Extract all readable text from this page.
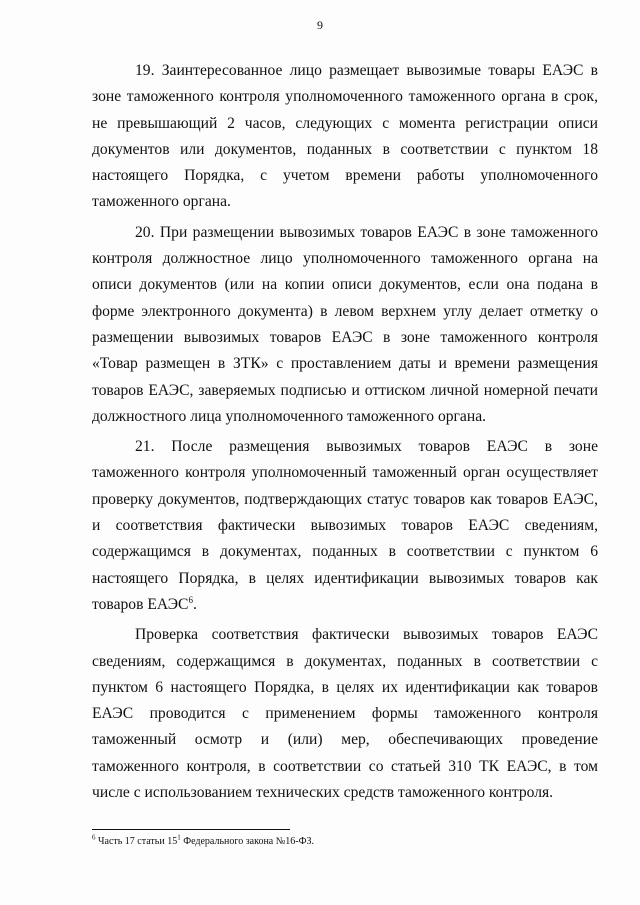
9

19. Заинтересованное лицо размещает вывозимые товары ЕАЭС в зоне таможенного контроля уполномоченного таможенного органа в срок, не превышающий 2 часов, следующих с момента регистрации описи документов или документов, поданных в соответствии с пунктом 18 настоящего Порядка, с учетом времени работы уполномоченного таможенного органа.

20. При размещении вывозимых товаров ЕАЭС в зоне таможенного контроля должностное лицо уполномоченного таможенного органа на описи документов (или на копии описи документов, если она подана в форме электронного документа) в левом верхнем углу делает отметку о размещении вывозимых товаров ЕАЭС в зоне таможенного контроля «Товар размещен в ЗТК» с проставлением даты и времени размещения товаров ЕАЭС, заверяемых подписью и оттиском личной номерной печати должностного лица уполномоченного таможенного органа.

21. После размещения вывозимых товаров ЕАЭС в зоне таможенного контроля уполномоченный таможенный орган осуществляет проверку документов, подтверждающих статус товаров как товаров ЕАЭС, и соответствия фактически вывозимых товаров ЕАЭС сведениям, содержащимся в документах, поданных в соответствии с пунктом 6 настоящего Порядка, в целях идентификации вывозимых товаров как товаров ЕАЭС$^6$.

Проверка соответствия фактически вывозимых товаров ЕАЭС сведениям, содержащимся в документах, поданных в соответствии с пунктом 6 настоящего Порядка, в целях их идентификации как товаров ЕАЭС проводится с применением формы таможенного контроля таможенный осмотр и (или) мер, обеспечивающих проведение таможенного контроля, в соответствии со статьей 310 ТК ЕАЭС, в том числе с использованием технических средств таможенного контроля.

$^6$ Часть 17 статьи $15^1$ Федерального закона №16-ФЗ.
